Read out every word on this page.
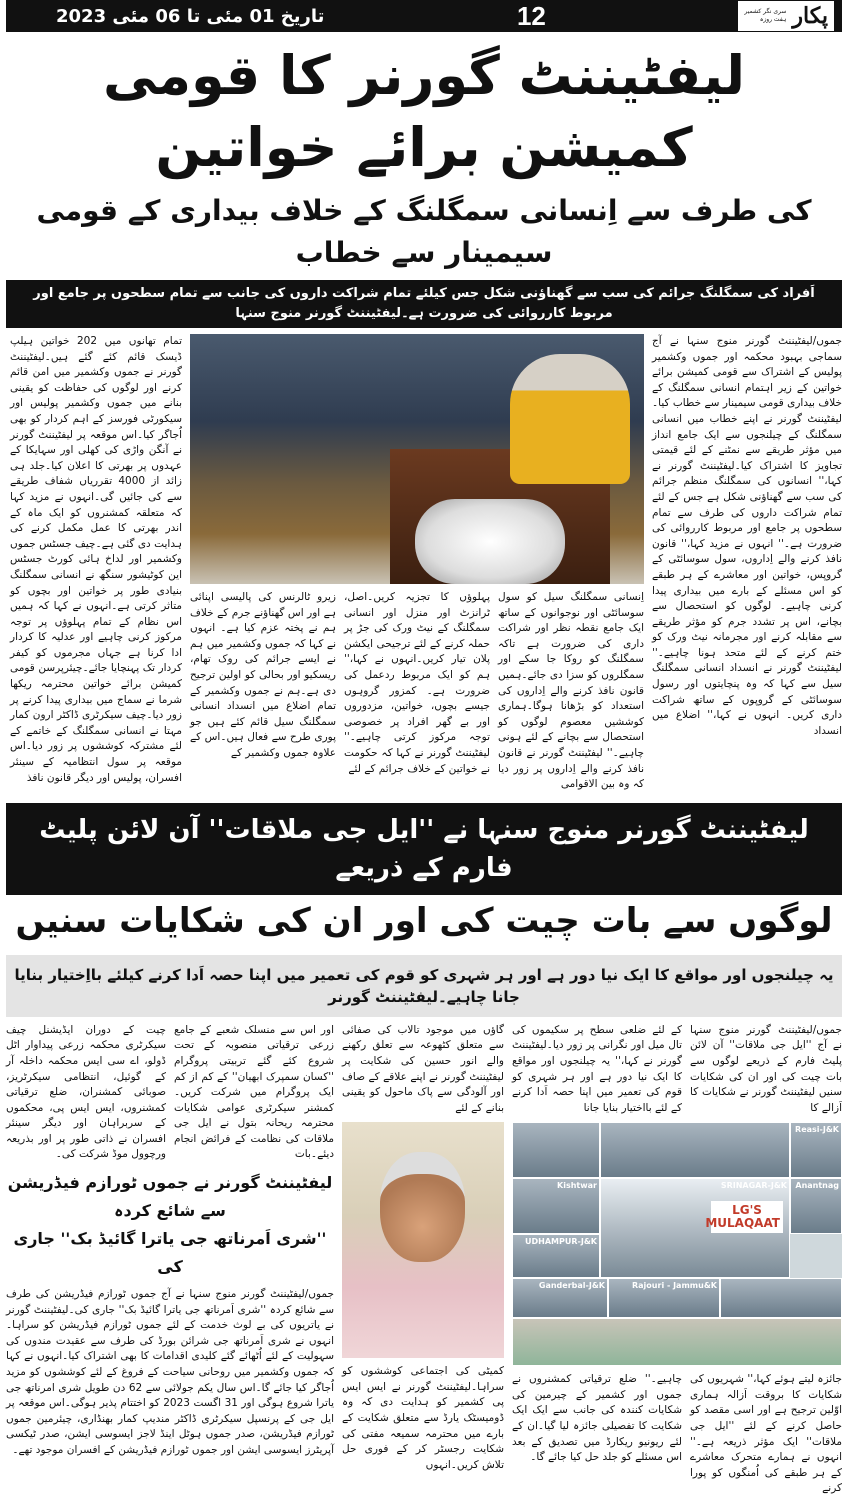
تاریخ 01 مئی تا 06 مئی 2023	12	پکار
سری نگر کشمیر
ہفت روزہ
لیفٹیننٹ گورنر کا قومی کمیشن برائے خواتین
کی طرف سے اِنسانی سمگلنگ کے خلاف بیداری کے قومی سیمینار سے خطاب
اَفراد کی سمگلنگ جرائم کی سب سے گھناؤنی شکل جس کیلئے تمام شراکت داروں کی جانب سے تمام سطحوں پر جامع اور مربوط کارروائی کی ضرورت ہے۔لیفٹیننٹ گورنر منوج سنہا
جموں/لیفٹیننٹ گورنر منوج سنہا نے آج سماجی بہبود محکمہ اور جموں وکشمیر پولیس کے اشتراک سے قومی کمیشن برائے خواتین کے زیر اہتمام انسانی سمگلنگ کے خلاف بیداری قومی سیمینار سے خطاب کیا۔لیفٹیننٹ گورنر نے اپنے خطاب میں انسانی سمگلنگ کے چیلنجوں سے ایک جامع انداز میں مؤثر طریقے سے نمٹنے کے لئے قیمتی تجاویز کا اشتراک کیا۔لیفٹیننٹ گورنر نے کہا،'' انسانوں کی سمگلنگ منظم جرائم کی سب سے گھناؤنی شکل ہے جس کے لئے تمام شراکت داروں کی طرف سے تمام سطحوں پر جامع اور مربوط کارروائی کی ضرورت ہے۔'' انہوں نے مزید کہا،'' قانون نافذ کرنے والے اِداروں، سول سوسائٹی کے گروپس، خواتین اور معاشرے کے ہر طبقے کو اس مسئلے کے بارے میں بیداری پیدا کرنی چاہیے۔ لوگوں کو استحصال سے بچانے، اس پر تشدد جرم کو مؤثر طریقے سے مقابلہ کرنے اور مجرمانہ نیٹ ورک کو ختم کرنے کے لئے متحد ہونا چاہیے۔'' لیفٹیننٹ گورنر نے انسداد انسانی سمگلنگ سیل سے کہا کہ وہ پنچایتوں اور رسول سوسائٹی کے گروپوں کے ساتھ شراکت داری کریں۔ انہوں نے کہا،'' اضلاع میں انسداد
اِنسانی سمگلنگ سیل کو سول سوسائٹی اور نوجوانوں کے ساتھ ایک جامع نقطہ نظر اور شراکت داری کی ضرورت ہے تاکہ سمگلنگ کو روکا جا سکے اور سمگلروں کو سزا دی جائے۔ہمیں قانون نافذ کرنے والے اِداروں کی استعداد کو بڑھانا ہوگا۔ہماری کوششیں معصوم لوگوں کو استحصال سے بچانے کے لئے ہونی چاہیے۔'' لیفٹیننٹ گورنر نے قانون نافذ کرنے والے اِداروں پر زور دیا کہ وہ بین الاقوامی
پہلوؤں کا تجزیہ کریں۔اصل، ٹرانزٹ اور منزل اور انسانی سمگلنگ کے نیٹ ورک کی جڑ پر حملہ کرنے کے لئے ترجیحی ایکشن پلان تیار کریں۔انہوں نے کہا،'' ہم کو ایک مربوط ردعمل کی ضرورت ہے۔ کمزور گروہوں جیسے بچوں، خواتین، مزدوروں اور بے گھر افراد پر خصوصی توجہ مرکوز کرتی چاہیے۔'' لیفٹیننٹ گورنر نے کہا کہ حکومت نے خواتین کے خلاف جرائم کے لئے
زیرو ٹالرنس کی پالیسی اپنائی ہے اور اس گھناؤنے جرم کے خلاف ہم نے پختہ عزم کیا ہے۔ انہوں نے کہا کہ جموں وکشمیر میں ہم نے ایسے جرائم کی روک تھام، ریسکیو اور بحالی کو اولین ترجیح دی ہے۔ہم نے جموں وکشمیر کے تمام اضلاع میں انسداد انسانی سمگلنگ سیل قائم کئے ہیں جو پوری طرح سے فعال ہیں۔اس کے علاوہ جموں وکشمیر کے
تمام تھانوں میں 202 خواتین ہیلپ ڈیسک قائم کئے گئے ہیں۔لیفٹیننٹ گورنر نے جموں وکشمیر میں امن قائم کرنے اور لوگوں کی حفاظت کو یقینی بنانے میں جموں وکشمیر پولیس اور سیکورٹی فورسز کے اہم کردار کو بھی اُجاگر کیا۔اس موقعہ پر لیفٹیننٹ گورنر نے آنگن واڑی کی کھلی اور سہایکا کے عہدوں پر بھرتی کا اعلان کیا۔جلد ہی زائد از 4000 تقرریاں شفاف طریقے سے کی جائیں گی۔انہوں نے مزید کہا کہ متعلقہ کمشنروں کو ایک ماہ کے اندر بھرتی کا عمل مکمل کرنے کی ہدایت دی گئی ہے۔چیف جسٹس جموں وکشمیر اور لداخ ہائی کورٹ جسٹس این کوٹیشور سنگھ نے انسانی سمگلنگ بنیادی طور پر خواتین اور بچوں کو متاثر کرتی ہے۔انہوں نے کہا کہ ہمیں اس نظام کے تمام پہلوؤں پر توجہ مرکوز کرنی چاہیے اور عدلیہ کا کردار ادا کرنا ہے جہاں مجرموں کو کیفر کردار تک پہنچایا جائے۔چیئرپرسن قومی کمیشن برائے خواتین محترمہ ریکھا شرما نے سماج میں بیداری پیدا کرنے پر زور دیا۔چیف سیکرٹری ڈاکٹر ارون کمار مہتا نے انسانی سمگلنگ کے خاتمے کے لئے مشترکہ کوششوں پر زور دیا۔اس موقعہ پر سول انتظامیہ کے سینئر افسران، پولیس اور دیگر قانون نافذ
لیفٹیننٹ گورنر منوج سنہا نے ''ایل جی ملاقات'' آن لائن پلیٹ فارم کے ذریعے
لوگوں سے بات چیت کی اور ان کی شکایات سنیں
یہ چیلنجوں اور مواقع کا ایک نیا دور ہے اور ہر شہری کو قوم کی تعمیر میں اپنا حصہ اَدا کرنے کیلئے بااِختیار بنایا جانا چاہیے۔لیفٹیننٹ گورنر
جموں/لیفٹیننٹ گورنر منوج سنہا نے آج ''ایل جی ملاقات'' آن لائن پلیٹ فارم کے ذریعے لوگوں سے بات چیت کی اور ان کی شکایات سنیں لیفٹیننٹ گورنر نے شکایات کا اَزالے کا
کے لئے ضلعی سطح پر سکیموں کی تال میل اور نگرانی پر زور دیا۔لیفٹیننٹ گورنر نے کہا،'' یہ چیلنجوں اور مواقع کا ایک نیا دور ہے اور ہر شہری کو قوم کی تعمیر میں اپنا حصہ اَدا کرنے کے لئے بااختیار بنایا جانا
Reasi-J&K
Kishtwar	SRINAGAR-J&K
LG'S MULAQAAT
Anantnag
UDHAMPUR-J&K
Ganderbal-J&K	Rajouri - Jammu&K
جائزہ لیتے ہوئے کہا،'' شہریوں کی شکایات کا بروقت اَزالہ ہماری اوّلین ترجیح ہے اور اسی مقصد کو حاصل کرنے کے لئے ''ایل جی ملاقات'' ایک مؤثر ذریعہ ہے۔'' انہوں نے ہمارے متحرک معاشرے کے ہر طبقے کی اُمنگوں کو پورا کرنے
چاہیے۔'' ضلع ترقیاتی کمشنروں نے جموں اور کشمیر کے چیرمین کی شکایات کنندہ کی جانب سے ایک ایک شکایت کا تفصیلی جائزہ لیا گیا۔ان کے لئے ریونیو ریکارڈ میں تصدیق کے بعد اس مسئلے کو جلد حل کیا جائے گا۔
گاؤں میں موجود تالاب کی صفائی سے متعلق کٹھوعہ سے تعلق رکھنے والے انور حسین کی شکایت پر لیفٹیننٹ گورنر نے اپنے علاقے کے صاف اور آلودگی سے پاک ماحول کو یقینی بنانے کے لئے
کمیٹی کی اجتماعی کوششوں کو سراہا۔لیفٹیننٹ گورنر نے ایس ایس پی کشمیر کو ہدایت دی کہ وہ ڈومیسٹک یارڈ سے متعلق شکایت کے بارے میں محترمہ سمیعہ مفتی کی شکایت رجسٹر کر کے فوری حل تلاش کریں۔انہوں
اور اس سے منسلک شعبے کے جامع زرعی ترقیاتی منصوبہ کے تحت شروع کئے گئے تربیتی پروگرام ''کسان سمپرک ابھیان'' کے کم از کم ایک پروگرام میں شرکت کریں۔کمشنر سیکرٹری عوامی شکایات محترمہ ریحانہ بتول نے ایل جی ملاقات کی نظامت کے فرائض انجام دیئے۔بات
چیت کے دوران ایڈیشنل چیف سیکرٹری محکمہ زرعی پیداوار اٹل ڈولو، اے سی ایس محکمہ داخلہ آر کے گوئیل، انتظامی سیکرٹریز، صوبائی کمشنران، ضلع ترقیاتی کمشنروں، ایس ایس پی، محکموں کے سربراہان اور دیگر سینئر افسران نے ذاتی طور پر اور بذریعہ ورچوول موڈ شرکت کی۔
لیفٹیننٹ گورنر نے جموں ٹورازم فیڈریشن سے شائع کردہ
''شری اَمرناتھ جی یاترا گائیڈ بک'' جاری کی
جموں/لیفٹیننٹ گورنر منوج سنہا نے آج جموں ٹورازم فیڈریشن کی طرف سے شائع کردہ ''شری اَمرناتھ جی یاترا گائیڈ بک'' جاری کی۔لیفٹیننٹ گورنر نے یاتریوں کی بے لوث خدمت کے لئے جموں ٹورازم فیڈریشن کو سراہا۔انہوں نے شری اَمرناتھ جی شرائن بورڈ کی طرف سے عقیدت مندوں کی سہولیت کے لئے اُٹھائے گئے کلیدی اقدامات کا بھی اشتراک کیا۔انہوں نے کہا کہ جموں وکشمیر میں روحانی سیاحت کے فروغ کے لئے کوششوں کو مزید اُجاگر کیا جائے گا۔اس سال یکم جولائی سے 62 دن طویل شری امرناتھ جی یاترا شروع ہوگی اور 31 اگست 2023 کو اختتام پذیر ہوگی۔اس موقعہ پر ایل جی کے پرنسپل سیکرٹری ڈاکٹر مندیپ کمار بھنڈاری، چیئرمین جموں ٹورازم فیڈریشن، صدر جموں ہوٹل اینڈ لاجز ایسوسی ایشن، صدر ٹیکسی آپریٹرز ایسوسی ایشن اور جموں ٹورازم فیڈریشن کے افسران موجود تھے۔
